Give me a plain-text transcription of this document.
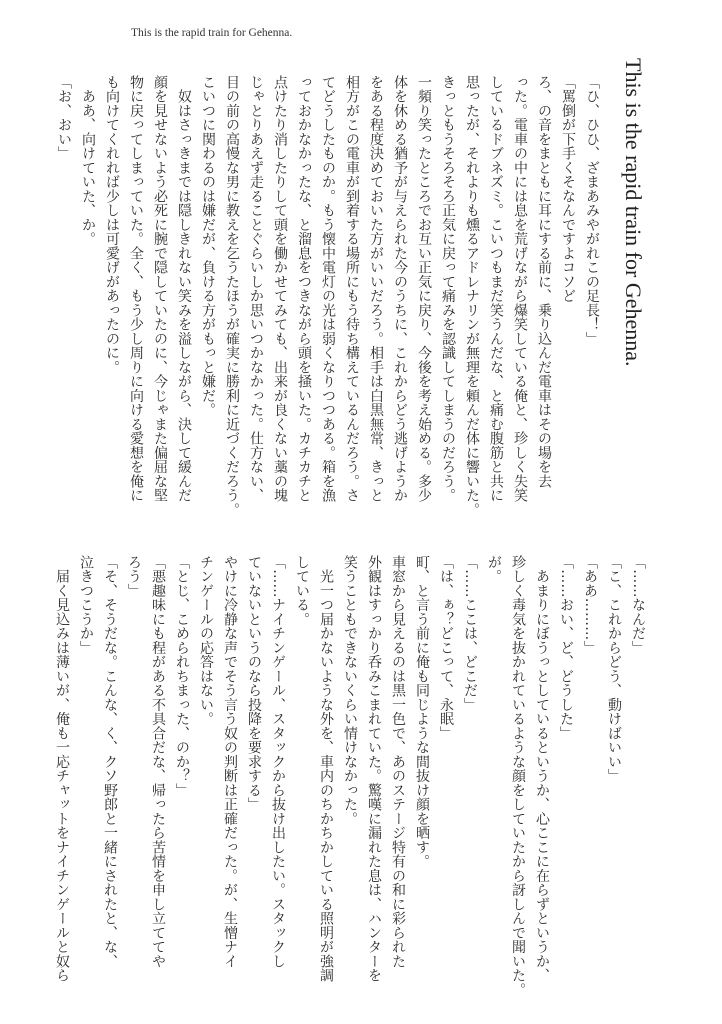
This is the rapid train for Gehenna.
This is the rapid train for Gehenna.
「ひ、ひひ、ざまあみやがれこの足長！」
「罵倒が下手くそなんですよコソど
ろ、の音をまともに耳にする前に、乗り込んだ電車はその場を去
った。電車の中には息を荒げながら爆笑している俺と、珍しく失笑
しているドブネズミ。こいつもまだ笑うんだな、と痛む腹筋と共に
思ったが、それよりも燻るアドレナリンが無理を頼んだ体に響いた。
きっともうそろそろ正気に戻って痛みを認識してしまうのだろう。
一頻り笑ったところでお互い正気に戻り、今後を考え始める。多少
体を休める猶予が与えられた今のうちに、これからどう逃げようか
をある程度決めておいた方がいいだろう。相手は白黒無常、きっと
相方がこの電車が到着する場所にもう待ち構えているんだろう。さ
てどうしたものか。もう懐中電灯の光は弱くなりつつある。箱を漁
っておかなかったな、と溜息をつきながら頭を掻いた。カチカチと
点けたり消したりして頭を働かせてみても、出来が良くない藁の塊
じゃとりあえず走ることぐらいしか思いつかなかった。仕方ない、
目の前の高慢な男に教えを乞うたほうが確実に勝利に近づくだろう。
こいつに関わるのは嫌だが、負ける方がもっと嫌だ。
　奴はさっきまでは隠しきれない笑みを溢しながら、決して緩んだ
顔を見せないよう必死に腕で隠していたのに、今じゃまた偏屈な堅
物に戻ってしまっていた。全く、もう少し周りに向ける愛想を俺に
も向けてくれれば少しは可愛げがあったのに。
　ああ、向けていた、か。
「お、おい」
「……なんだ」
「こ、これからどう、動けばいい」
「ああ………」
「……おい、ど、どうした」
　あまりにぼうっとしているというか、心ここに在らずというか、
珍しく毒気を抜かれているような顔をしていたから訝しんで聞いた。
が。
「……ここは、どこだ」
「は、ぁ？どこって、永眠」
町、と言う前に俺も同じような間抜け顔を晒す。
車窓から見えるのは黒一色で、あのステージ特有の和に彩られた
外観はすっかり呑みこまれていた。驚嘆に漏れた息は、ハンターを
笑うこともできないくらい情けなかった。
　光一つ届かないような外を、車内のちかちかしている照明が強調
している。
「……ナイチンゲール、スタックから抜け出したい。スタックし
ていないというのなら投降を要求する」
やけに冷静な声でそう言う奴の判断は正確だった。が、生憎ナイ
チンゲールの応答はない。
「とじ、こめられちまった、のか？」
「悪趣味にも程がある不具合だな、帰ったら苦情を申し立ててや
ろう」
「そ、そうだな。こんな、く、クソ野郎と一緒にされたと、な、
泣きつこうか」
　届く見込みは薄いが、俺も一応チャットをナイチンゲールと奴ら
